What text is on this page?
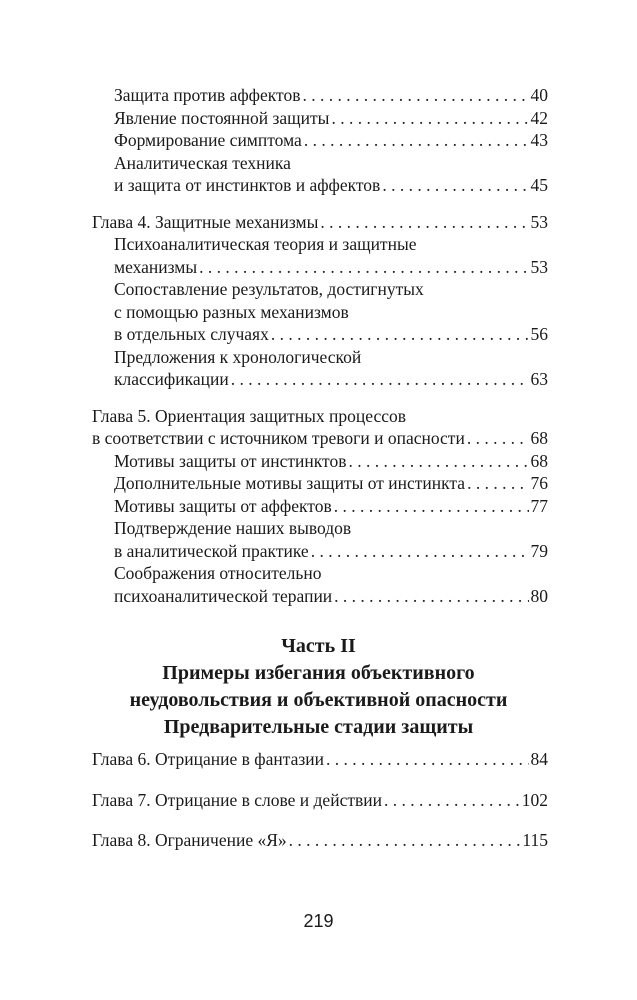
Защита против аффектов . . .	40
Явление постоянной защиты . . .	42
Формирование симптома . . .	43
Аналитическая техника
и защита от инстинктов и аффектов . . .	45
Глава 4. Защитные механизмы . . .	53
Психоаналитическая теория и защитные
механизмы . . .	53
Сопоставление результатов, достигнутых
с помощью разных механизмов
в отдельных случаях . . .	56
Предложения к хронологической
классификации . . .	63
Глава 5. Ориентация защитных процессов
в соответствии с источником тревоги и опасности . . .	68
Мотивы защиты от инстинктов . . .	68
Дополнительные мотивы защиты от инстинкта . . .	76
Мотивы защиты от аффектов . . .	77
Подтверждение наших выводов
в аналитической практике . . .	79
Соображения относительно
психоаналитической терапии . . .	80
Часть II
Примеры избегания объективного
неудовольствия и объективной опасности
Предварительные стадии защиты
Глава 6. Отрицание в фантазии . . .	84
Глава 7. Отрицание в слове и действии . . .	102
Глава 8. Ограничение «Я» . . .	115
219
